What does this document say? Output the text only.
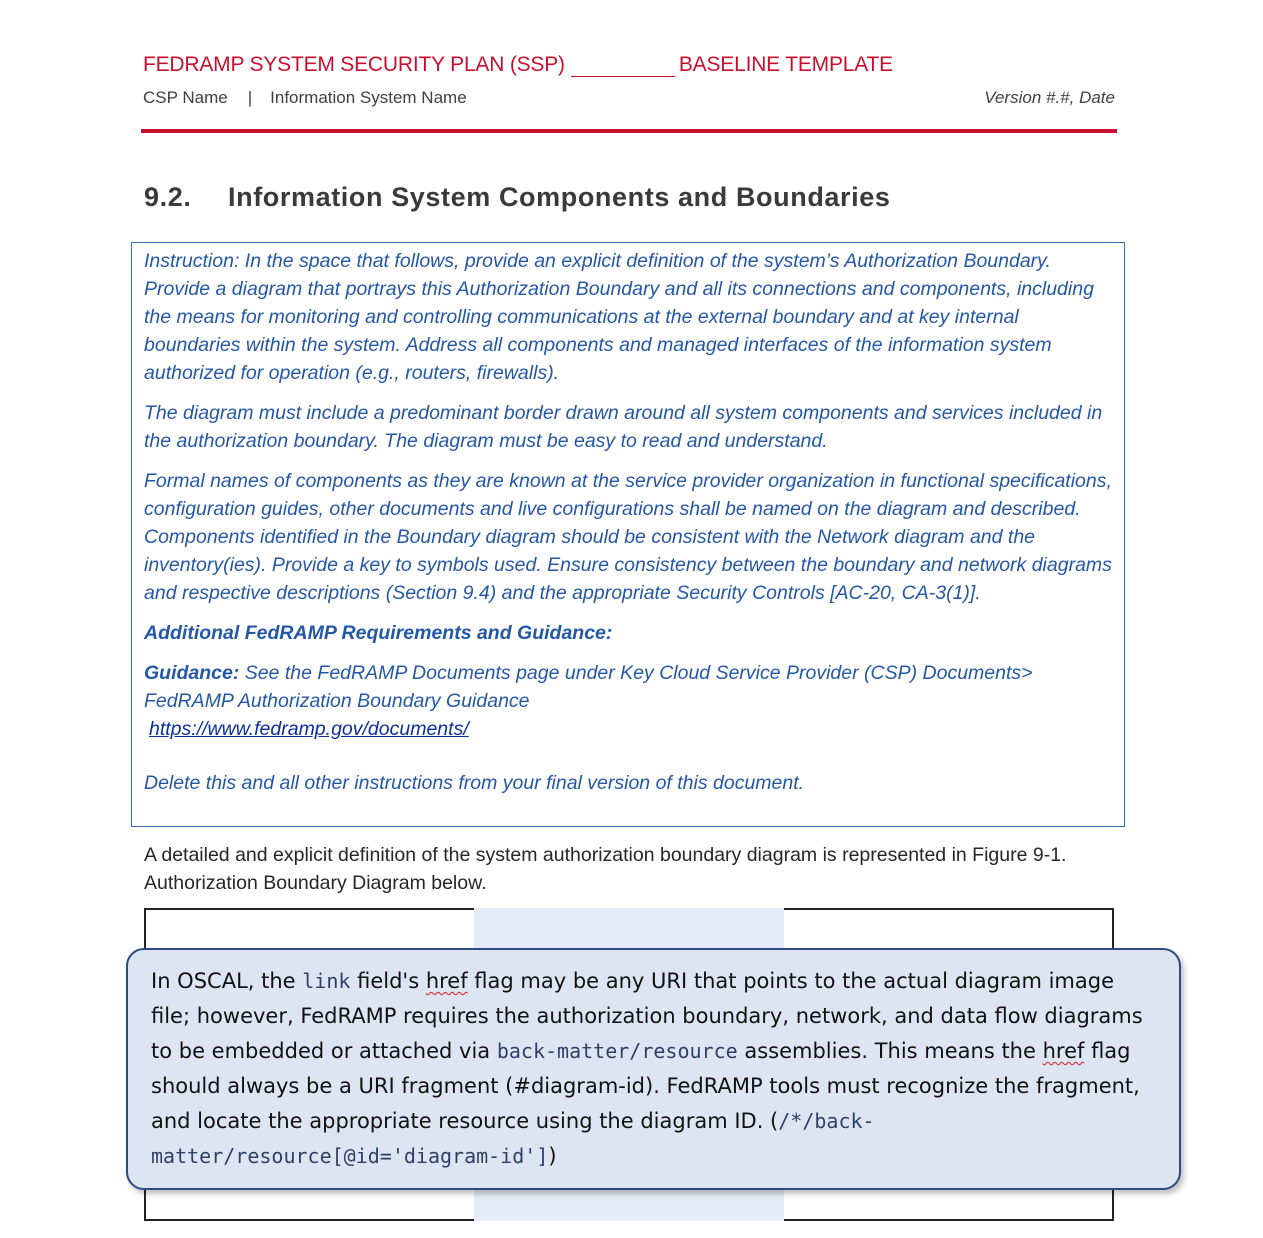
FEDRAMP SYSTEM SECURITY PLAN (SSP)	BASELINE TEMPLATE
CSP Name | Information System Name	Version #.#, Date
9.2. Information System Components and Boundaries

Instruction: In the space that follows, provide an explicit definition of the system’s Authorization Boundary. Provide a diagram that portrays this Authorization Boundary and all its connections and components, including the means for monitoring and controlling communications at the external boundary and at key internal boundaries within the system. Address all components and managed interfaces of the information system authorized for operation (e.g., routers, firewalls).

The diagram must include a predominant border drawn around all system components and services included in the authorization boundary. The diagram must be easy to read and understand.

Formal names of components as they are known at the service provider organization in functional specifications, configuration guides, other documents and live configurations shall be named on the diagram and described. Components identified in the Boundary diagram should be consistent with the Network diagram and the inventory(ies). Provide a key to symbols used. Ensure consistency between the boundary and network diagrams and respective descriptions (Section 9.4) and the appropriate Security Controls [AC-20, CA-3(1)].

Additional FedRAMP Requirements and Guidance:

Guidance: See the FedRAMP Documents page under Key Cloud Service Provider (CSP) Documents> FedRAMP Authorization Boundary Guidance
https://www.fedramp.gov/documents/

Delete this and all other instructions from your final version of this document.

A detailed and explicit definition of the system authorization boundary diagram is represented in Figure 9-1. Authorization Boundary Diagram below.
In OSCAL, the link field's href flag may be any URI that points to the actual diagram image file; however, FedRAMP requires the authorization boundary, network, and data flow diagrams to be embedded or attached via back-matter/resource assemblies. This means the href flag should always be a URI fragment (#diagram-id). FedRAMP tools must recognize the fragment, and locate the appropriate resource using the diagram ID. (/*/back-matter/resource[@id='diagram-id'])
